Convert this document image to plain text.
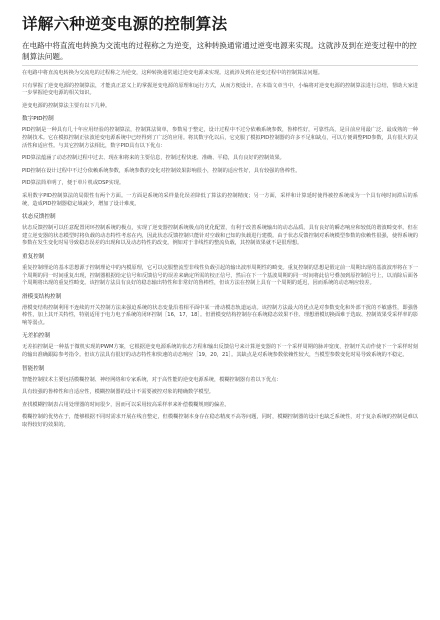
详解六种逆变电源的控制算法
在电路中将直流电转换为交流电的过程称之为逆变，这种转换通常通过逆变电源来实现。这就涉及到在逆变过程中的控制算法问题。
在电路中将直流电转换为交流电的过程称之为逆变，这种转换通常通过逆变电源来实现。这就涉及到在逆变过程中的控制算法问题。
只有掌握了逆变电源的控制算法，才能真正意义上的掌握逆变电源的原理和运行方式，从而方便设计。在本篇文章当中，小编将对逆变电源的控制算法进行总结，帮助大家进一步掌握逆变电源的相关知识。
逆变电源的控制算法主要有以下几种。
数字PID控制
PID控制是一种具有几十年应用经验的控制算法，控制算法简单，参数易于整定，设计过程中不过分依赖系统参数，鲁棒性好，可靠性高，是目前应用最广泛、最成熟的一种控制技术。它在模拟控制正弦波逆变电源系统中已经得到了广泛的应用。将其数字化以后，它克服了模拟PID控制器的许多不足和缺点，可以方便调整PID参数，具有很大的灵活性和适应性。与其它控制方法相比，数字PID具有以下优点：
PID算法蕴涵了动态控制过程中过去、现在和将来的主要信息，控制过程快速、准确、平稳，具有良好的控制效果。
PID控制在设计过程中不过分依赖系统参数，系统参数的变化对控制效果影响很小，控制的适应性好，具有较强的鲁棒性。
PID算法简单明了，便于单片机或DSP实现。
采用数字PID控制算法的局限性有两个方面。一方面是系统的采样量化误差降低了算法的控制精度；另一方面，采样和计算延时使得被控系统成为一个具有纯时间滞后的系统，造成PID控制器稳定域减少，增加了设计难度。
状态反馈控制
状态反馈控制可以任意配置闭环控制系统的极点，实现了逆变器控制系统极点的优化配置，有利于改善系统输出的动态品质。具有良好的瞬态响应和较低的谐波畸变率。但在建立逆变器的状态模型时将负载的动态特性考虑在内，因此状态反馈控制只能针对空载和已知的负载进行建模。由于状态反馈控制对系统模型参数的依赖性很强，使得系统的参数在发生变化时易导致稳态误差的出现和以及动态特性的改变。例如对于非线性的整流负载，其控制效果就不是很理想。
重复控制
重复控制理论的基本思想源于控制理论中的内模原理，它可以克服整流型非线性负载引起的输出波形周期性的畸变。重复控制的思想是假定前一周期出现的基波波形将在下一个周期的同一时间重复出现，控制器根据给定信号和反馈信号的误差来确定所需的校正信号，然后在下一个基波周期的同一时间将此信号叠加到原控制信号上，以消除后面各个周期将出现的重复性畸变。该控制方法具有良好的稳态输出特性和非常好的鲁棒性，但该方法在控制上具有一个周期的延迟，因而系统的动态响应较差。
滑模变结构控制
滑模变结构控制利用不连续的开关控制方法来强迫系统的状态变量沿着相平面中某一滑动模态轨道运动。该控制方法最大的优点是对参数变化和外部干扰的不敏感性，即强鲁棒性，加上其开关特性，特别适用于电力电子系统的闭环控制［16，17，18］。但滑模变结构控制存在系统稳态效果不佳、理想滑模切换面难于选取、控制效果受采样率的影响等弱点。
无差拍控制
无差拍控制是一种基于微机实现的PWM方案，它根据逆变电源系统的状态方程和输出反馈信号来计算逆变器的下一个采样周期的脉冲宽度，控制开关动作使下一个采样时刻的输出准确跟踪参考指令。但该方法具有很好的动态特性和快速的动态响应［19，20，21］。其缺点是对系统参数依赖性较大，当模型参数变化时易导致系统的不稳定。
智能控制
智能控制技术主要包括模糊控制、神经网络和专家系统，对于高性能的逆变电源系统，模糊控制器有着以下优点：
具有较强的鲁棒性和自适应性，模糊控制器的设计不需要被控对象的精确数学模型。
查找模糊控制表占用处理器的时间很少，因而可以采用较高采样率来补偿模糊规则的偏差。
模糊控制的优势在于，能够根据不同时需求开展在线自整定，但模糊控制本身存在稳态精度不高等问题，同时，模糊控制器的设计也缺乏系统性，对于复杂系统的控制是难以取得较好的效果的。
